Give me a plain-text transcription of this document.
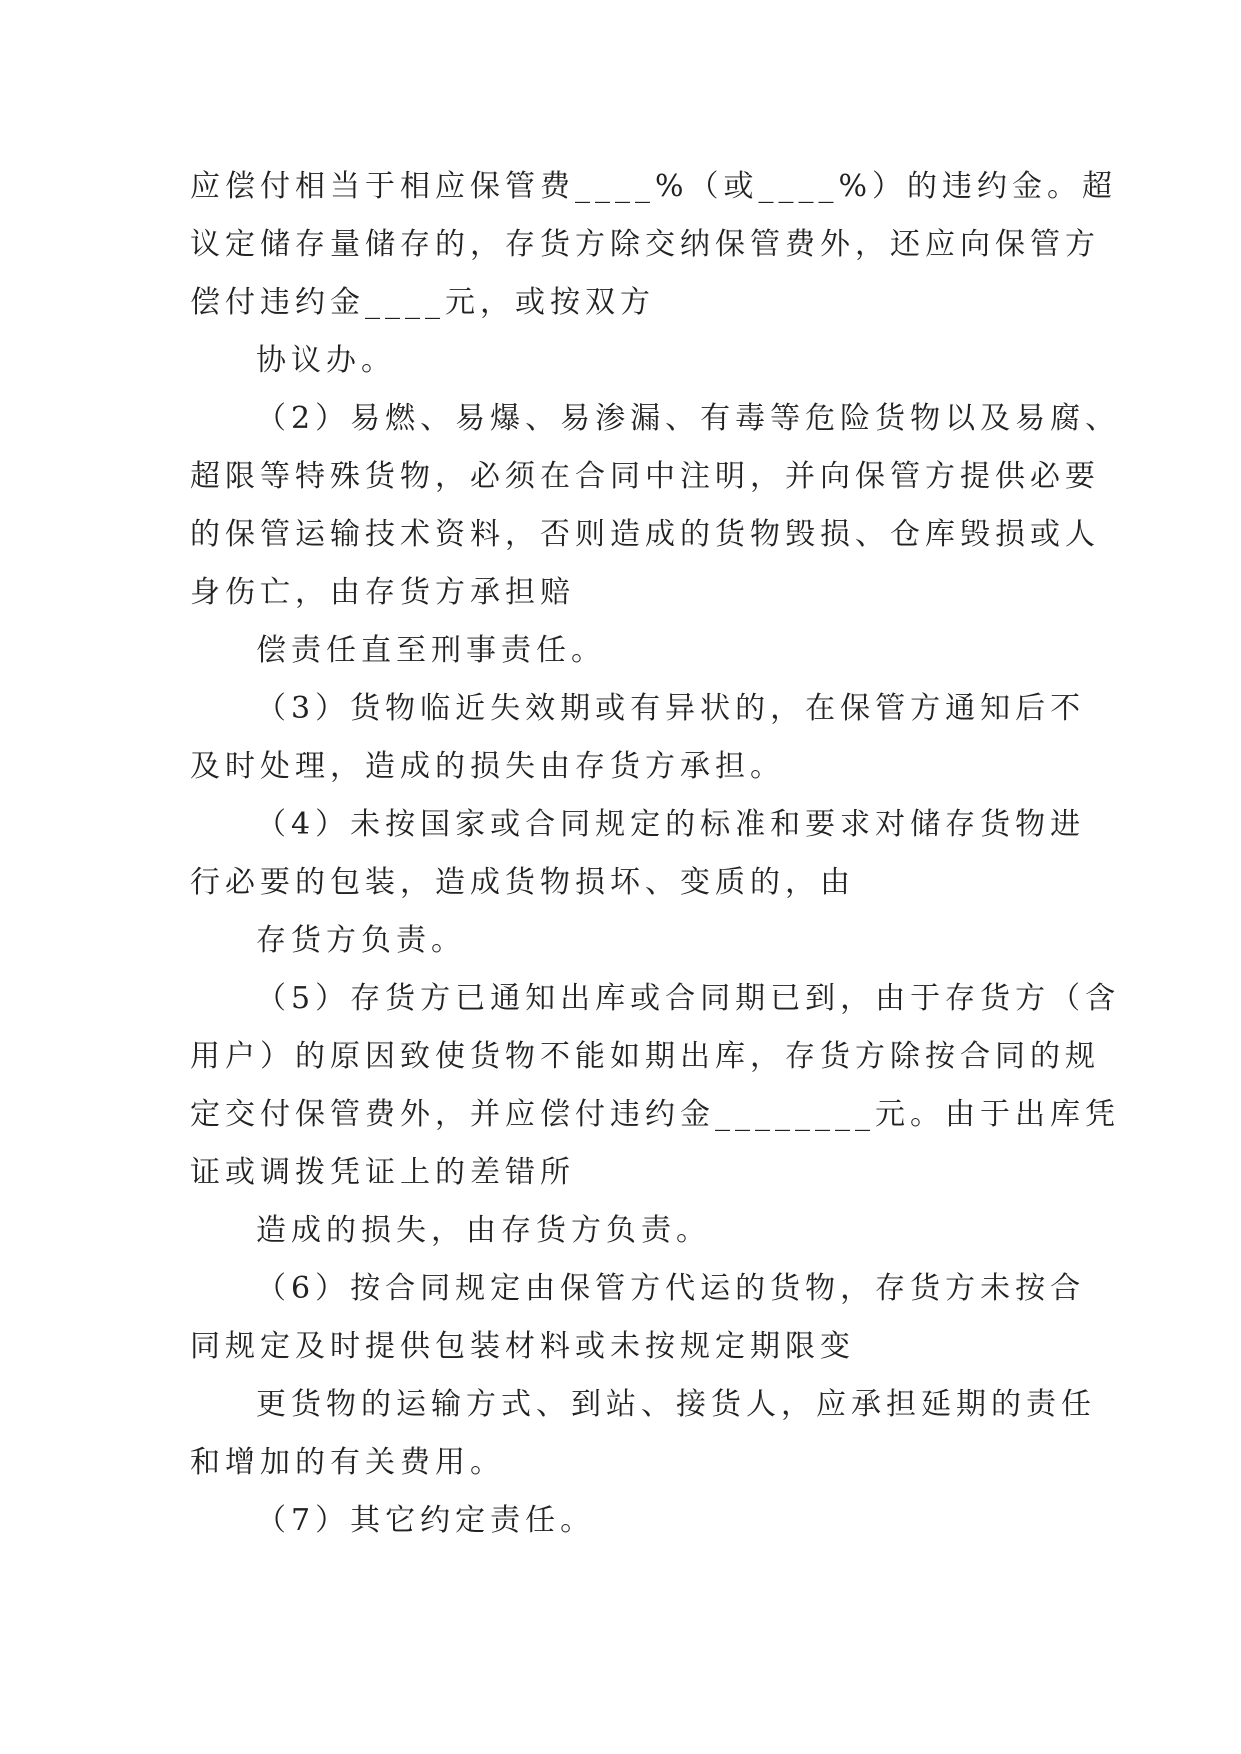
应偿付相当于相应保管费____%（或____%）的违约金。超
议定储存量储存的，存货方除交纳保管费外，还应向保管方
偿付违约金____元，或按双方
协议办。
（2）易燃、易爆、易渗漏、有毒等危险货物以及易腐、
超限等特殊货物，必须在合同中注明，并向保管方提供必要
的保管运输技术资料，否则造成的货物毁损、仓库毁损或人
身伤亡，由存货方承担赔
偿责任直至刑事责任。
（3）货物临近失效期或有异状的，在保管方通知后不
及时处理，造成的损失由存货方承担。
（4）未按国家或合同规定的标准和要求对储存货物进
行必要的包装，造成货物损坏、变质的，由
存货方负责。
（5）存货方已通知出库或合同期已到，由于存货方（含
用户）的原因致使货物不能如期出库，存货方除按合同的规
定交付保管费外，并应偿付违约金________元。由于出库凭
证或调拨凭证上的差错所
造成的损失，由存货方负责。
（6）按合同规定由保管方代运的货物，存货方未按合
同规定及时提供包装材料或未按规定期限变
更货物的运输方式、到站、接货人，应承担延期的责任
和增加的有关费用。
（7）其它约定责任。
